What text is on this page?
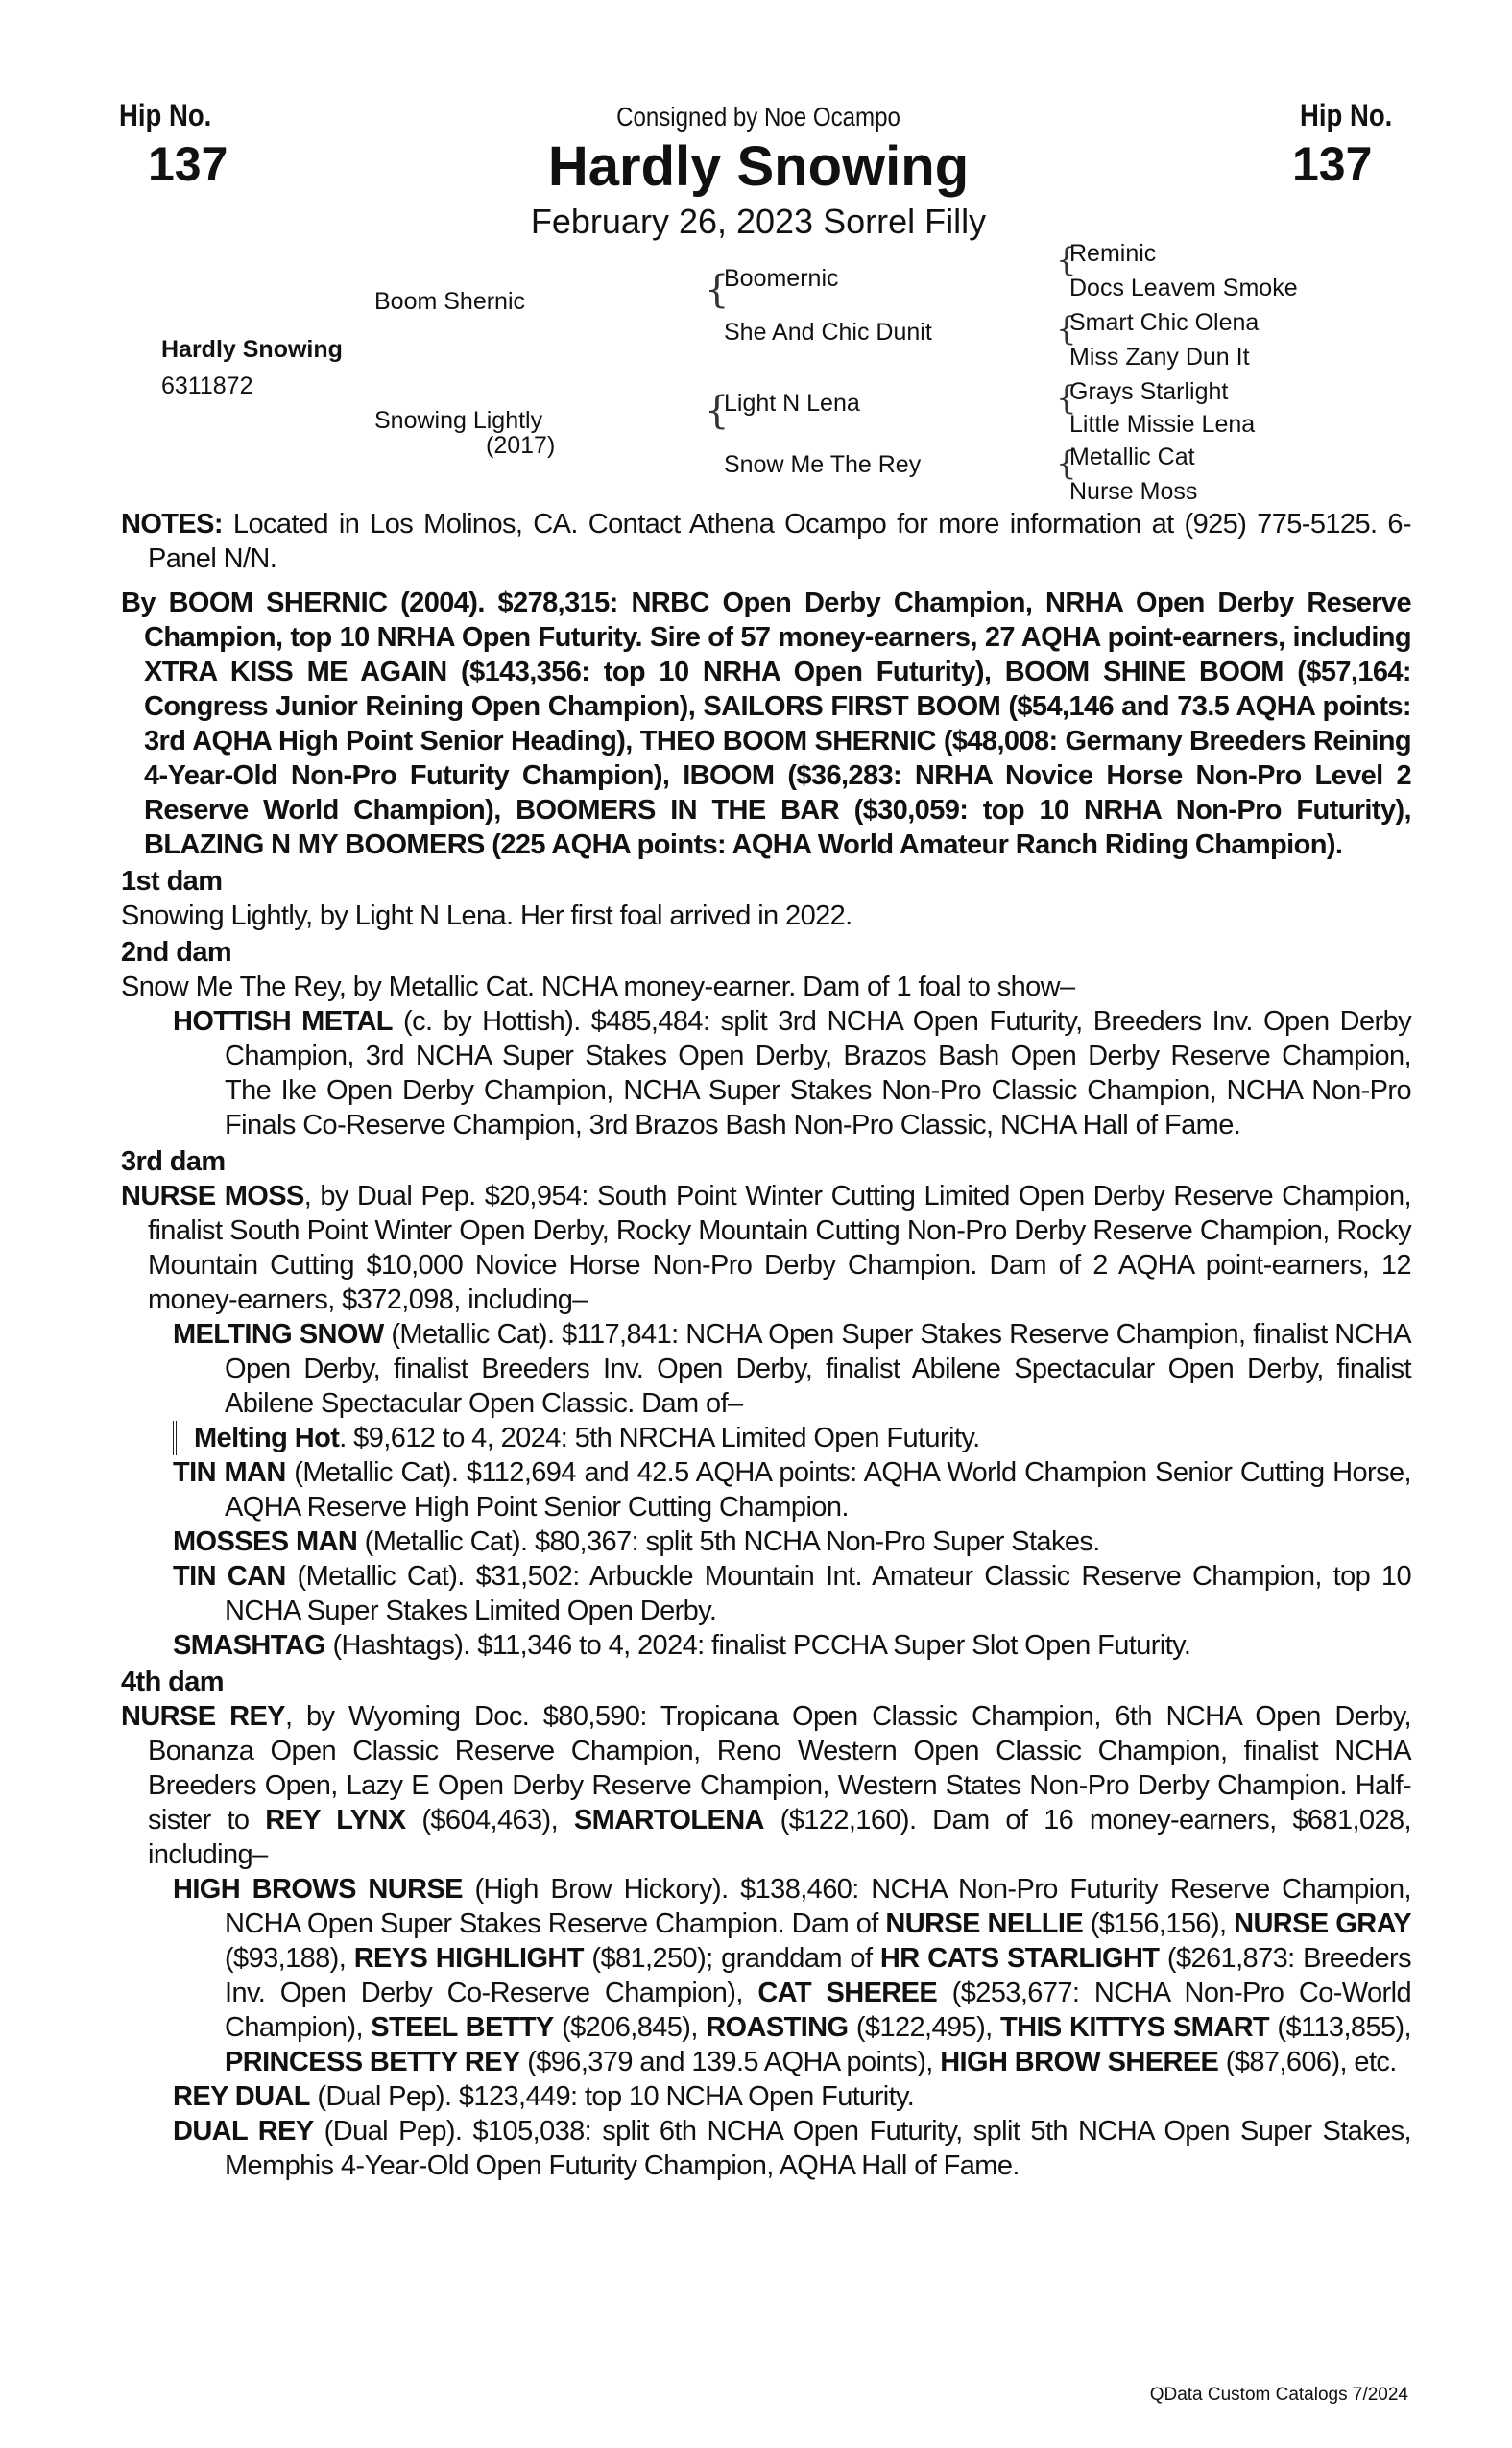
Hip No.
137
Hip No.
137
Consigned by Noe Ocampo
Hardly Snowing
February 26, 2023 Sorrel Filly
Hardly Snowing
6311872
Boom Shernic
Snowing Lightly
(2017)
{
{
Boomernic
She And Chic Dunit
Light N Lena
Snow Me The Rey
{
{
{
{
Reminic
Docs Leavem Smoke
Smart Chic Olena
Miss Zany Dun It
Grays Starlight
Little Missie Lena
Metallic Cat
Nurse Moss

NOTES: Located in Los Molinos, CA. Contact Athena Ocampo for more information at (925) 775-5125. 6-Panel N/N.

By BOOM SHERNIC (2004). $278,315: NRBC Open Derby Champion, NRHA Open Derby Reserve Champion, top 10 NRHA Open Futurity. Sire of 57 money-earners, 27 AQHA point-earners, including XTRA KISS ME AGAIN ($143,356: top 10 NRHA Open Futurity), BOOM SHINE BOOM ($57,164: Congress Junior Reining Open Champion), SAILORS FIRST BOOM ($54,146 and 73.5 AQHA points: 3rd AQHA High Point Senior Heading), THEO BOOM SHERNIC ($48,008: Germany Breeders Reining 4-Year-Old Non-Pro Futurity Champion), IBOOM ($36,283: NRHA Novice Horse Non-Pro Level 2 Reserve World Champion), BOOMERS IN THE BAR ($30,059: top 10 NRHA Non-Pro Futurity), BLAZING N MY BOOMERS (225 AQHA points: AQHA World Amateur Ranch Riding Champion).

1st dam

Snowing Lightly, by Light N Lena. Her first foal arrived in 2022.

2nd dam

Snow Me The Rey, by Metallic Cat. NCHA money-earner. Dam of 1 foal to show–

HOTTISH METAL (c. by Hottish). $485,484: split 3rd NCHA Open Futurity, Breeders Inv. Open Derby Champion, 3rd NCHA Super Stakes Open Derby, Brazos Bash Open Derby Reserve Champion, The Ike Open Derby Champion, NCHA Super Stakes Non-Pro Classic Champion, NCHA Non-Pro Finals Co-Reserve Champion, 3rd Brazos Bash Non-Pro Classic, NCHA Hall of Fame.

3rd dam

NURSE MOSS, by Dual Pep. $20,954: South Point Winter Cutting Limited Open Derby Reserve Champion, finalist South Point Winter Open Derby, Rocky Mountain Cutting Non-Pro Derby Reserve Champion, Rocky Mountain Cutting $10,000 Novice Horse Non-Pro Derby Champion. Dam of 2 AQHA point-earners, 12 money-earners, $372,098, including–

MELTING SNOW (Metallic Cat). $117,841: NCHA Open Super Stakes Reserve Champion, finalist NCHA Open Derby, finalist Breeders Inv. Open Derby, finalist Abilene Spectacular Open Derby, finalist Abilene Spectacular Open Classic. Dam of–

Melting Hot. $9,612 to 4, 2024: 5th NRCHA Limited Open Futurity.

TIN MAN (Metallic Cat). $112,694 and 42.5 AQHA points: AQHA World Champion Senior Cutting Horse, AQHA Reserve High Point Senior Cutting Champion.

MOSSES MAN (Metallic Cat). $80,367: split 5th NCHA Non-Pro Super Stakes.

TIN CAN (Metallic Cat). $31,502: Arbuckle Mountain Int. Amateur Classic Reserve Champion, top 10 NCHA Super Stakes Limited Open Derby.

SMASHTAG (Hashtags). $11,346 to 4, 2024: finalist PCCHA Super Slot Open Futurity.

4th dam

NURSE REY, by Wyoming Doc. $80,590: Tropicana Open Classic Champion, 6th NCHA Open Derby, Bonanza Open Classic Reserve Champion, Reno Western Open Classic Champion, finalist NCHA Breeders Open, Lazy E Open Derby Reserve Champion, Western States Non-Pro Derby Champion. Half-sister to REY LYNX ($604,463), SMARTOLENA ($122,160). Dam of 16 money-earners, $681,028, including–

HIGH BROWS NURSE (High Brow Hickory). $138,460: NCHA Non-Pro Futurity Reserve Champion, NCHA Open Super Stakes Reserve Champion. Dam of NURSE NELLIE ($156,156), NURSE GRAY ($93,188), REYS HIGHLIGHT ($81,250); granddam of HR CATS STARLIGHT ($261,873: Breeders Inv. Open Derby Co-Reserve Champion), CAT SHEREE ($253,677: NCHA Non-Pro Co-World Champion), STEEL BETTY ($206,845), ROASTING ($122,495), THIS KITTYS SMART ($113,855), PRINCESS BETTY REY ($96,379 and 139.5 AQHA points), HIGH BROW SHEREE ($87,606), etc.

REY DUAL (Dual Pep). $123,449: top 10 NCHA Open Futurity.

DUAL REY (Dual Pep). $105,038: split 6th NCHA Open Futurity, split 5th NCHA Open Super Stakes, Memphis 4-Year-Old Open Futurity Champion, AQHA Hall of Fame.

QData Custom Catalogs 7/2024
